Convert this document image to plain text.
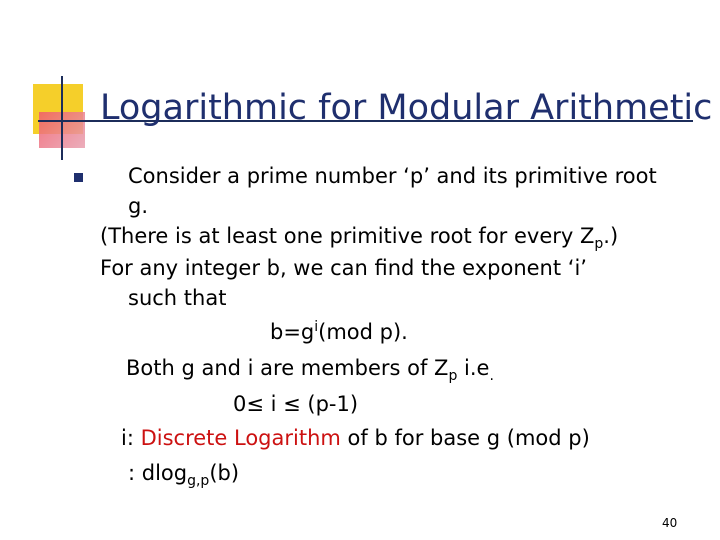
Logarithmic for Modular Arithmetic
Consider a prime number ‘p’ and its primitive root
g.
(There is at least one primitive root for every $Z_p$.)
For any integer b, we can find the exponent ‘i’
such that
$b=g^i(mod$ p).
Both g and i are members of $Z_p$ $i.e_.$
0≤ i ≤ (p-1)
i: Discrete Logarithm of b for base g (mod p)
: dlog$_{g,p}$(b)
40
